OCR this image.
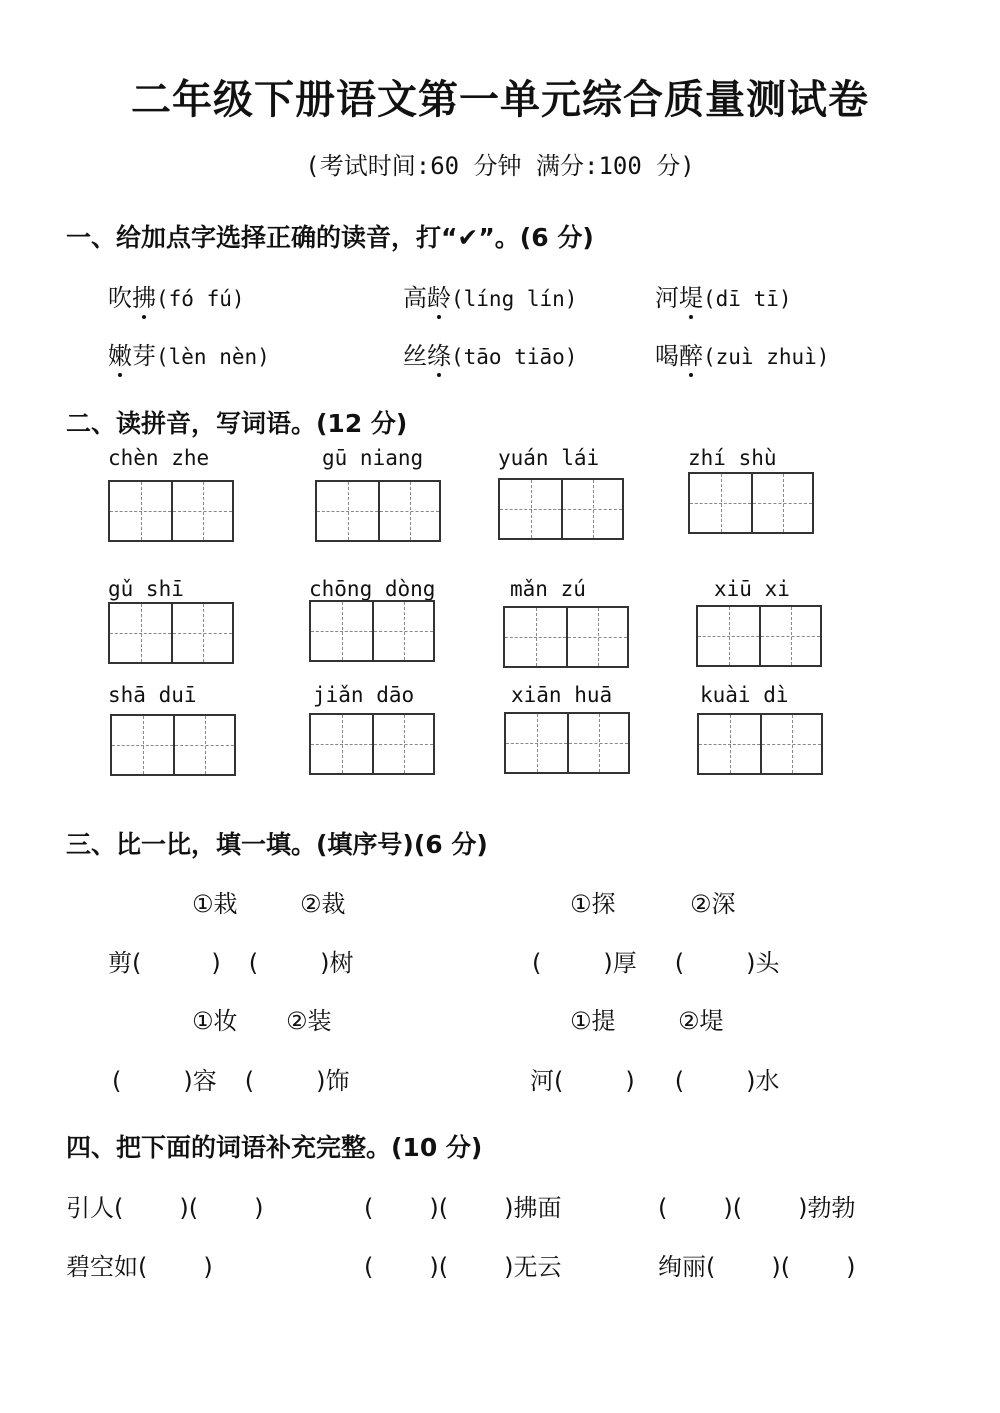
二年级下册语文第一单元综合质量测试卷
(考试时间:60 分钟 满分:100 分)
一、给加点字选择正确的读音，打“✔”。(6 分)
吹拂(fó fú)	高龄(líng lín)	河堤(dī tī)
嫩芽(lèn nèn)	丝绦(tāo tiāo)	喝醉(zuì zhuì)
二、读拼音，写词语。(12 分)
chèn zhe	gū niang	yuán lái	zhí shù
gǔ shī	chōng dòng	mǎn zú	xiū xi
shā duī	jiǎn dāo	xiān huā	kuài dì
三、比一比，填一填。(填序号)(6 分)
①栽	②裁	①探	②深
剪(	) (	)树	(	)厚 (	)头
①妆 ②装	①提	②堤
(	)容 (	)饰	河(	) (	)水
四、把下面的词语补充完整。(10 分)
引人( )( )	( )( )拂面	( )( )勃勃
碧空如( )	( )( )无云	绚丽( )( )
